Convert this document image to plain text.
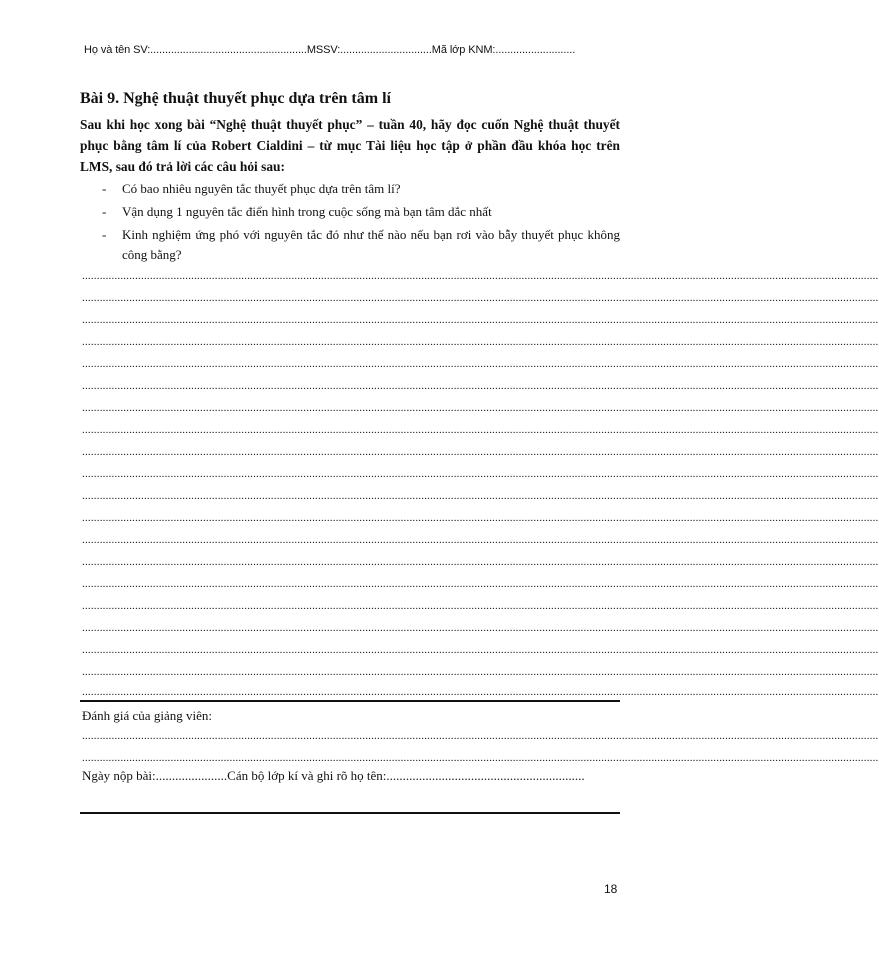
Họ và tên SV:.....................................................MSSV:...............................Mã lớp KNM:...........................
Bài 9. Nghệ thuật thuyết phục dựa trên tâm lí
Sau khi học xong bài “Nghệ thuật thuyết phục” – tuần 40, hãy đọc cuốn Nghệ thuật thuyết phục bằng tâm lí của Robert Cialdini – từ mục Tài liệu học tập ở phần đầu khóa học trên LMS, sau đó trả lời các câu hỏi sau:
- Có bao nhiêu nguyên tắc thuyết phục dựa trên tâm lí?
- Vận dụng 1 nguyên tắc điển hình trong cuộc sống mà bạn tâm dắc nhất
- Kinh nghiệm ứng phó với nguyên tắc đó như thế nào nếu bạn rơi vào bẫy thuyết phục không công bằng?
..............................................................................................................................................................................................................................................................................
..............................................................................................................................................................................................................................................................................
..............................................................................................................................................................................................................................................................................
..............................................................................................................................................................................................................................................................................
..............................................................................................................................................................................................................................................................................
..............................................................................................................................................................................................................................................................................
..............................................................................................................................................................................................................................................................................
..............................................................................................................................................................................................................................................................................
..............................................................................................................................................................................................................................................................................
..............................................................................................................................................................................................................................................................................
..............................................................................................................................................................................................................................................................................
..............................................................................................................................................................................................................................................................................
..............................................................................................................................................................................................................................................................................
..............................................................................................................................................................................................................................................................................
..............................................................................................................................................................................................................................................................................
..............................................................................................................................................................................................................................................................................
..............................................................................................................................................................................................................................................................................
..............................................................................................................................................................................................................................................................................
..............................................................................................................................................................................................................................................................................
..............................................................................................................................................................................................................................................................................
Đánh giá của giảng viên:
..............................................................................................................................................................................................................................................................................
..............................................................................................................................................................................................................................................................................
Ngày nộp bài:......................Cán bộ lớp kí và ghi rõ họ tên:.............................................................
18
